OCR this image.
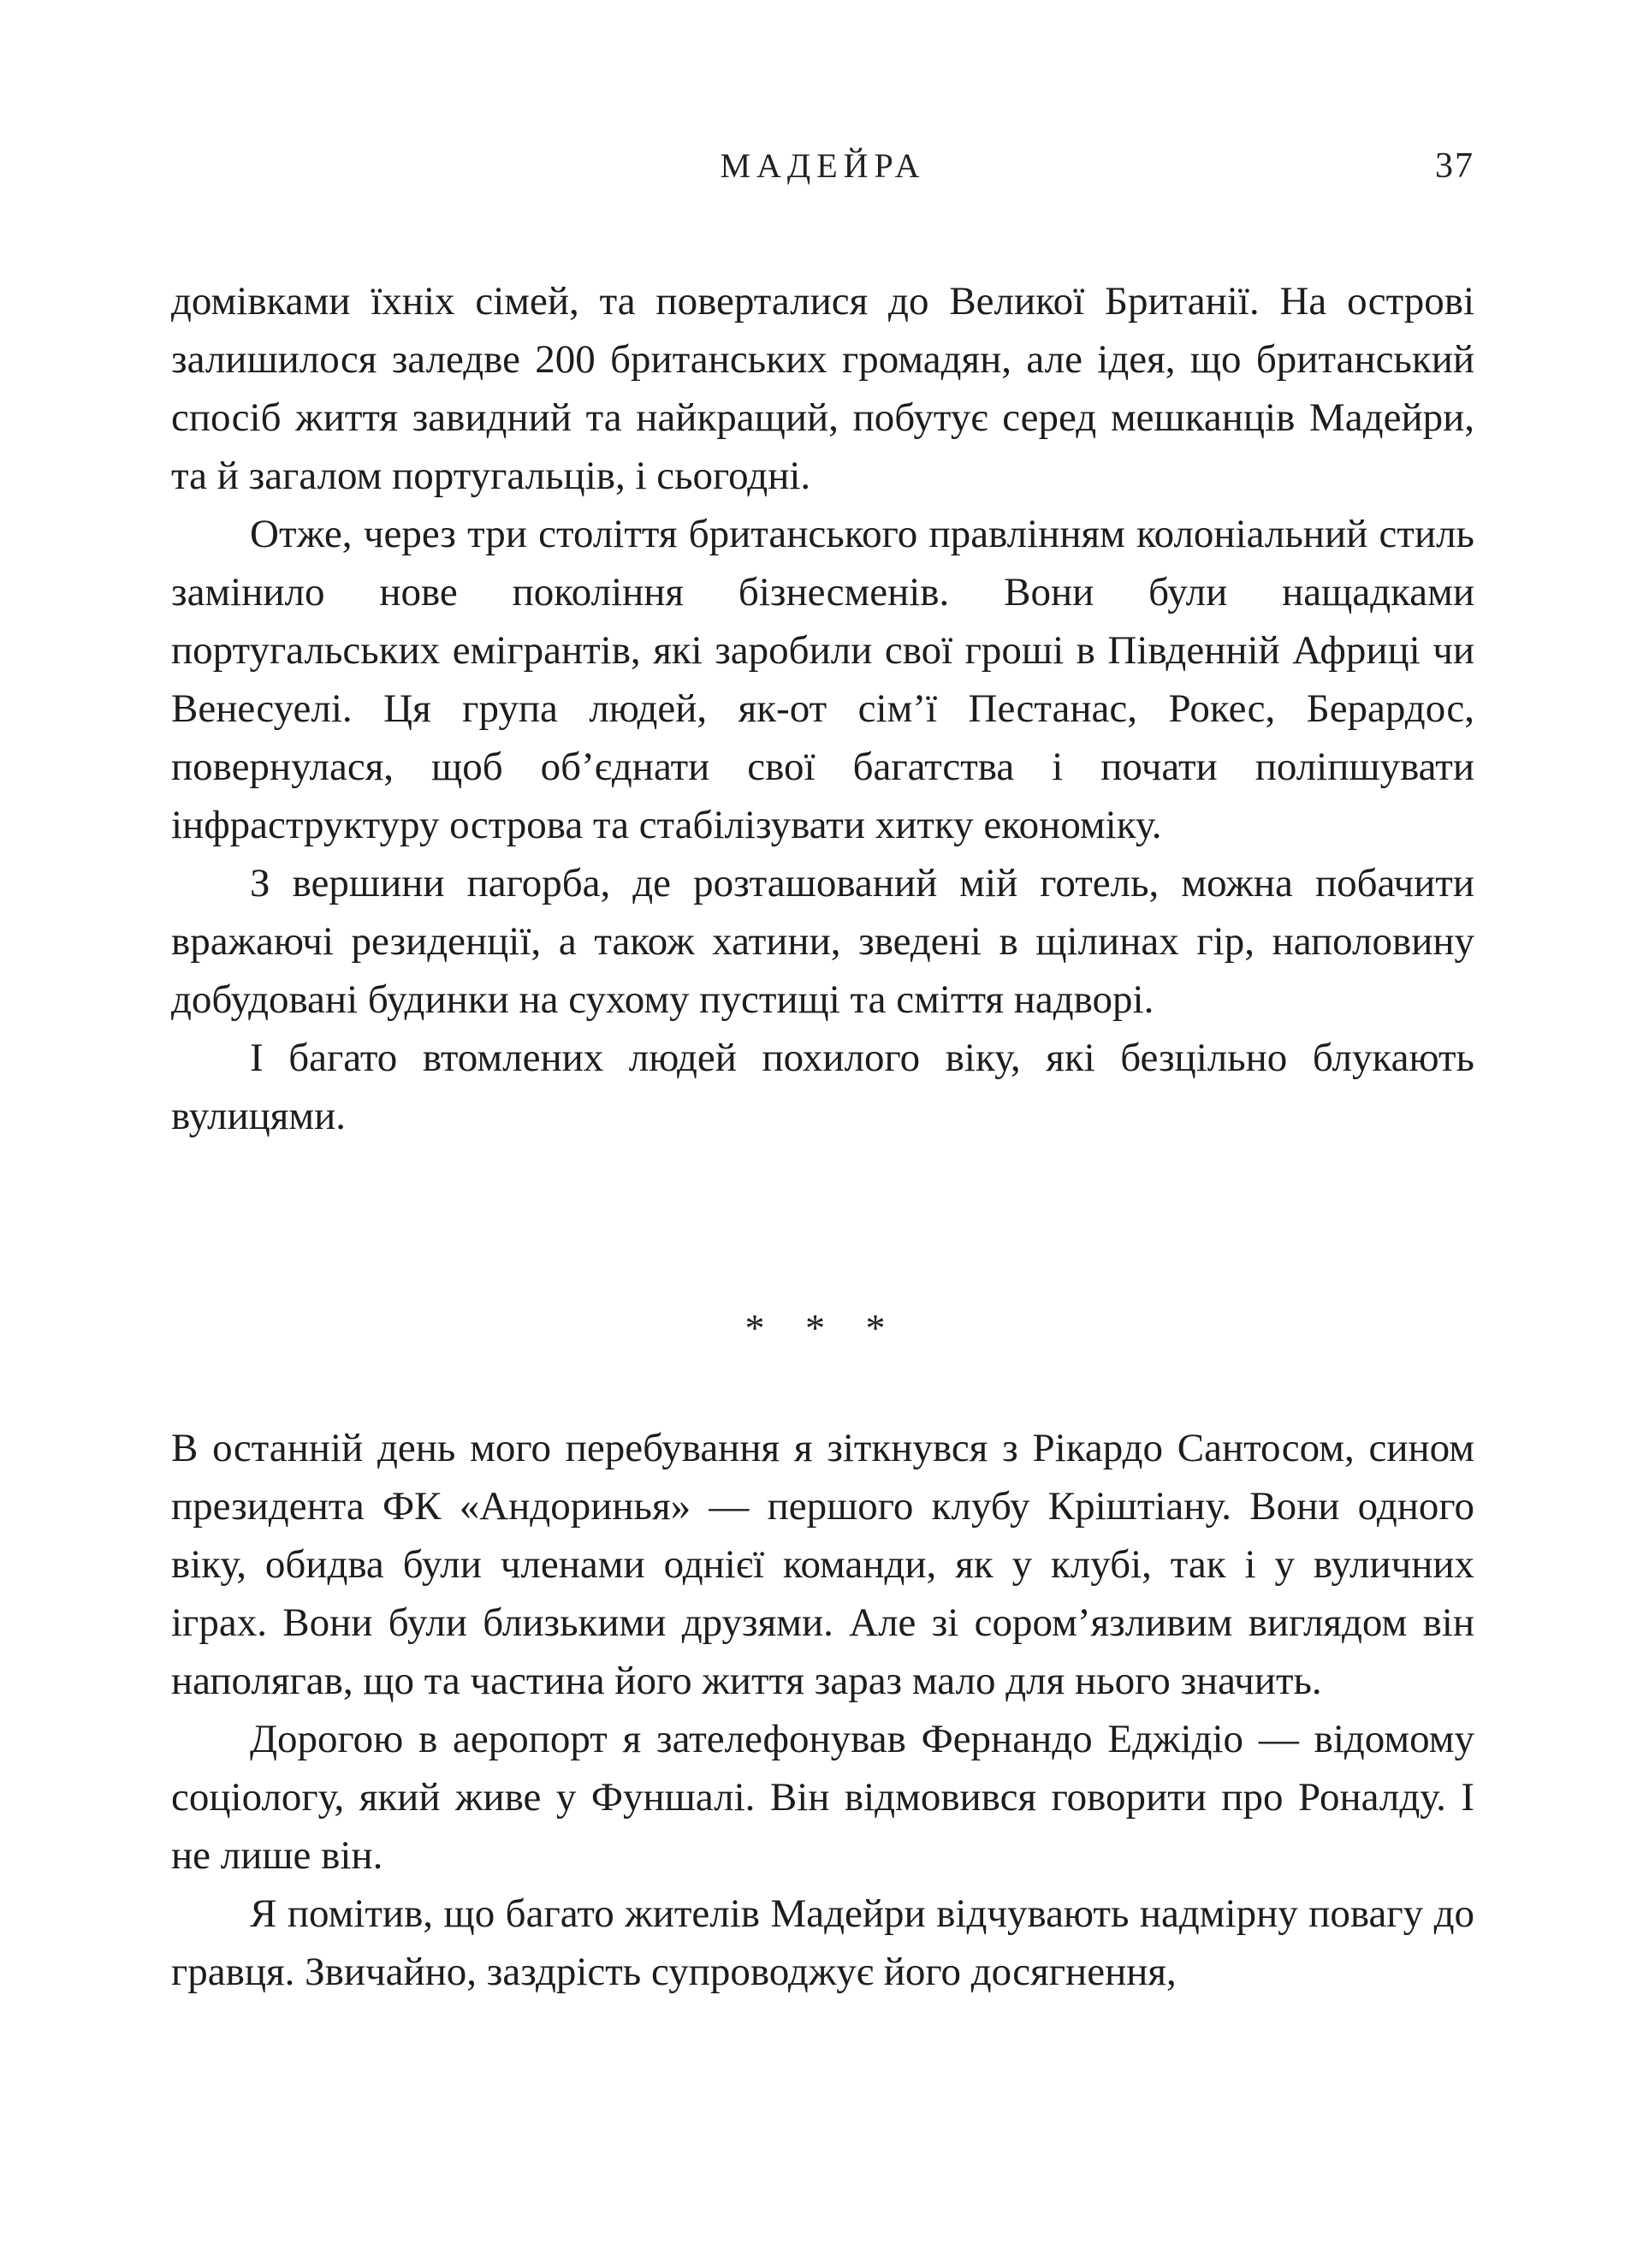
МАДЕЙРА	37

домівками їхніх сімей, та поверталися до Великої Британії. На острові залишилося заледве 200 британських громадян, але ідея, що британський спосіб життя завидний та найкращий, побутує серед мешканців Мадейри, та й загалом португальців, і сьогодні.

Отже, через три століття британського правлінням колоніальний стиль замінило нове покоління бізнесменів. Вони були нащадками португальських емігрантів, які заробили свої гроші в Південній Африці чи Венесуелі. Ця група людей, як-от сім’ї Пестанас, Рокес, Берардос, повернулася, щоб об’єднати свої багатства і почати поліпшувати інфраструктуру острова та стабілізувати хитку економіку.

З вершини пагорба, де розташований мій готель, можна побачити вражаючі резиденції, а також хатини, зведені в щілинах гір, наполовину добудовані будинки на сухому пустищі та сміття надворі.

І багато втомлених людей похилого віку, які безцільно блукають вулицями.

* * *

В останній день мого перебування я зіткнувся з Рікардо Сантосом, сином президента ФК «Андоринья» — першого клубу Кріштіану. Вони одного віку, обидва були членами однієї команди, як у клубі, так і у вуличних іграх. Вони були близькими друзями. Але зі сором’язливим виглядом він наполягав, що та частина його життя зараз мало для нього значить.

Дорогою в аеропорт я зателефонував Фернандо Еджідіо — відомому соціологу, який живе у Фуншалі. Він відмовився говорити про Роналду. І не лише він.

Я помітив, що багато жителів Мадейри відчувають надмірну повагу до гравця. Звичайно, заздрість супроводжує його досягнення,
